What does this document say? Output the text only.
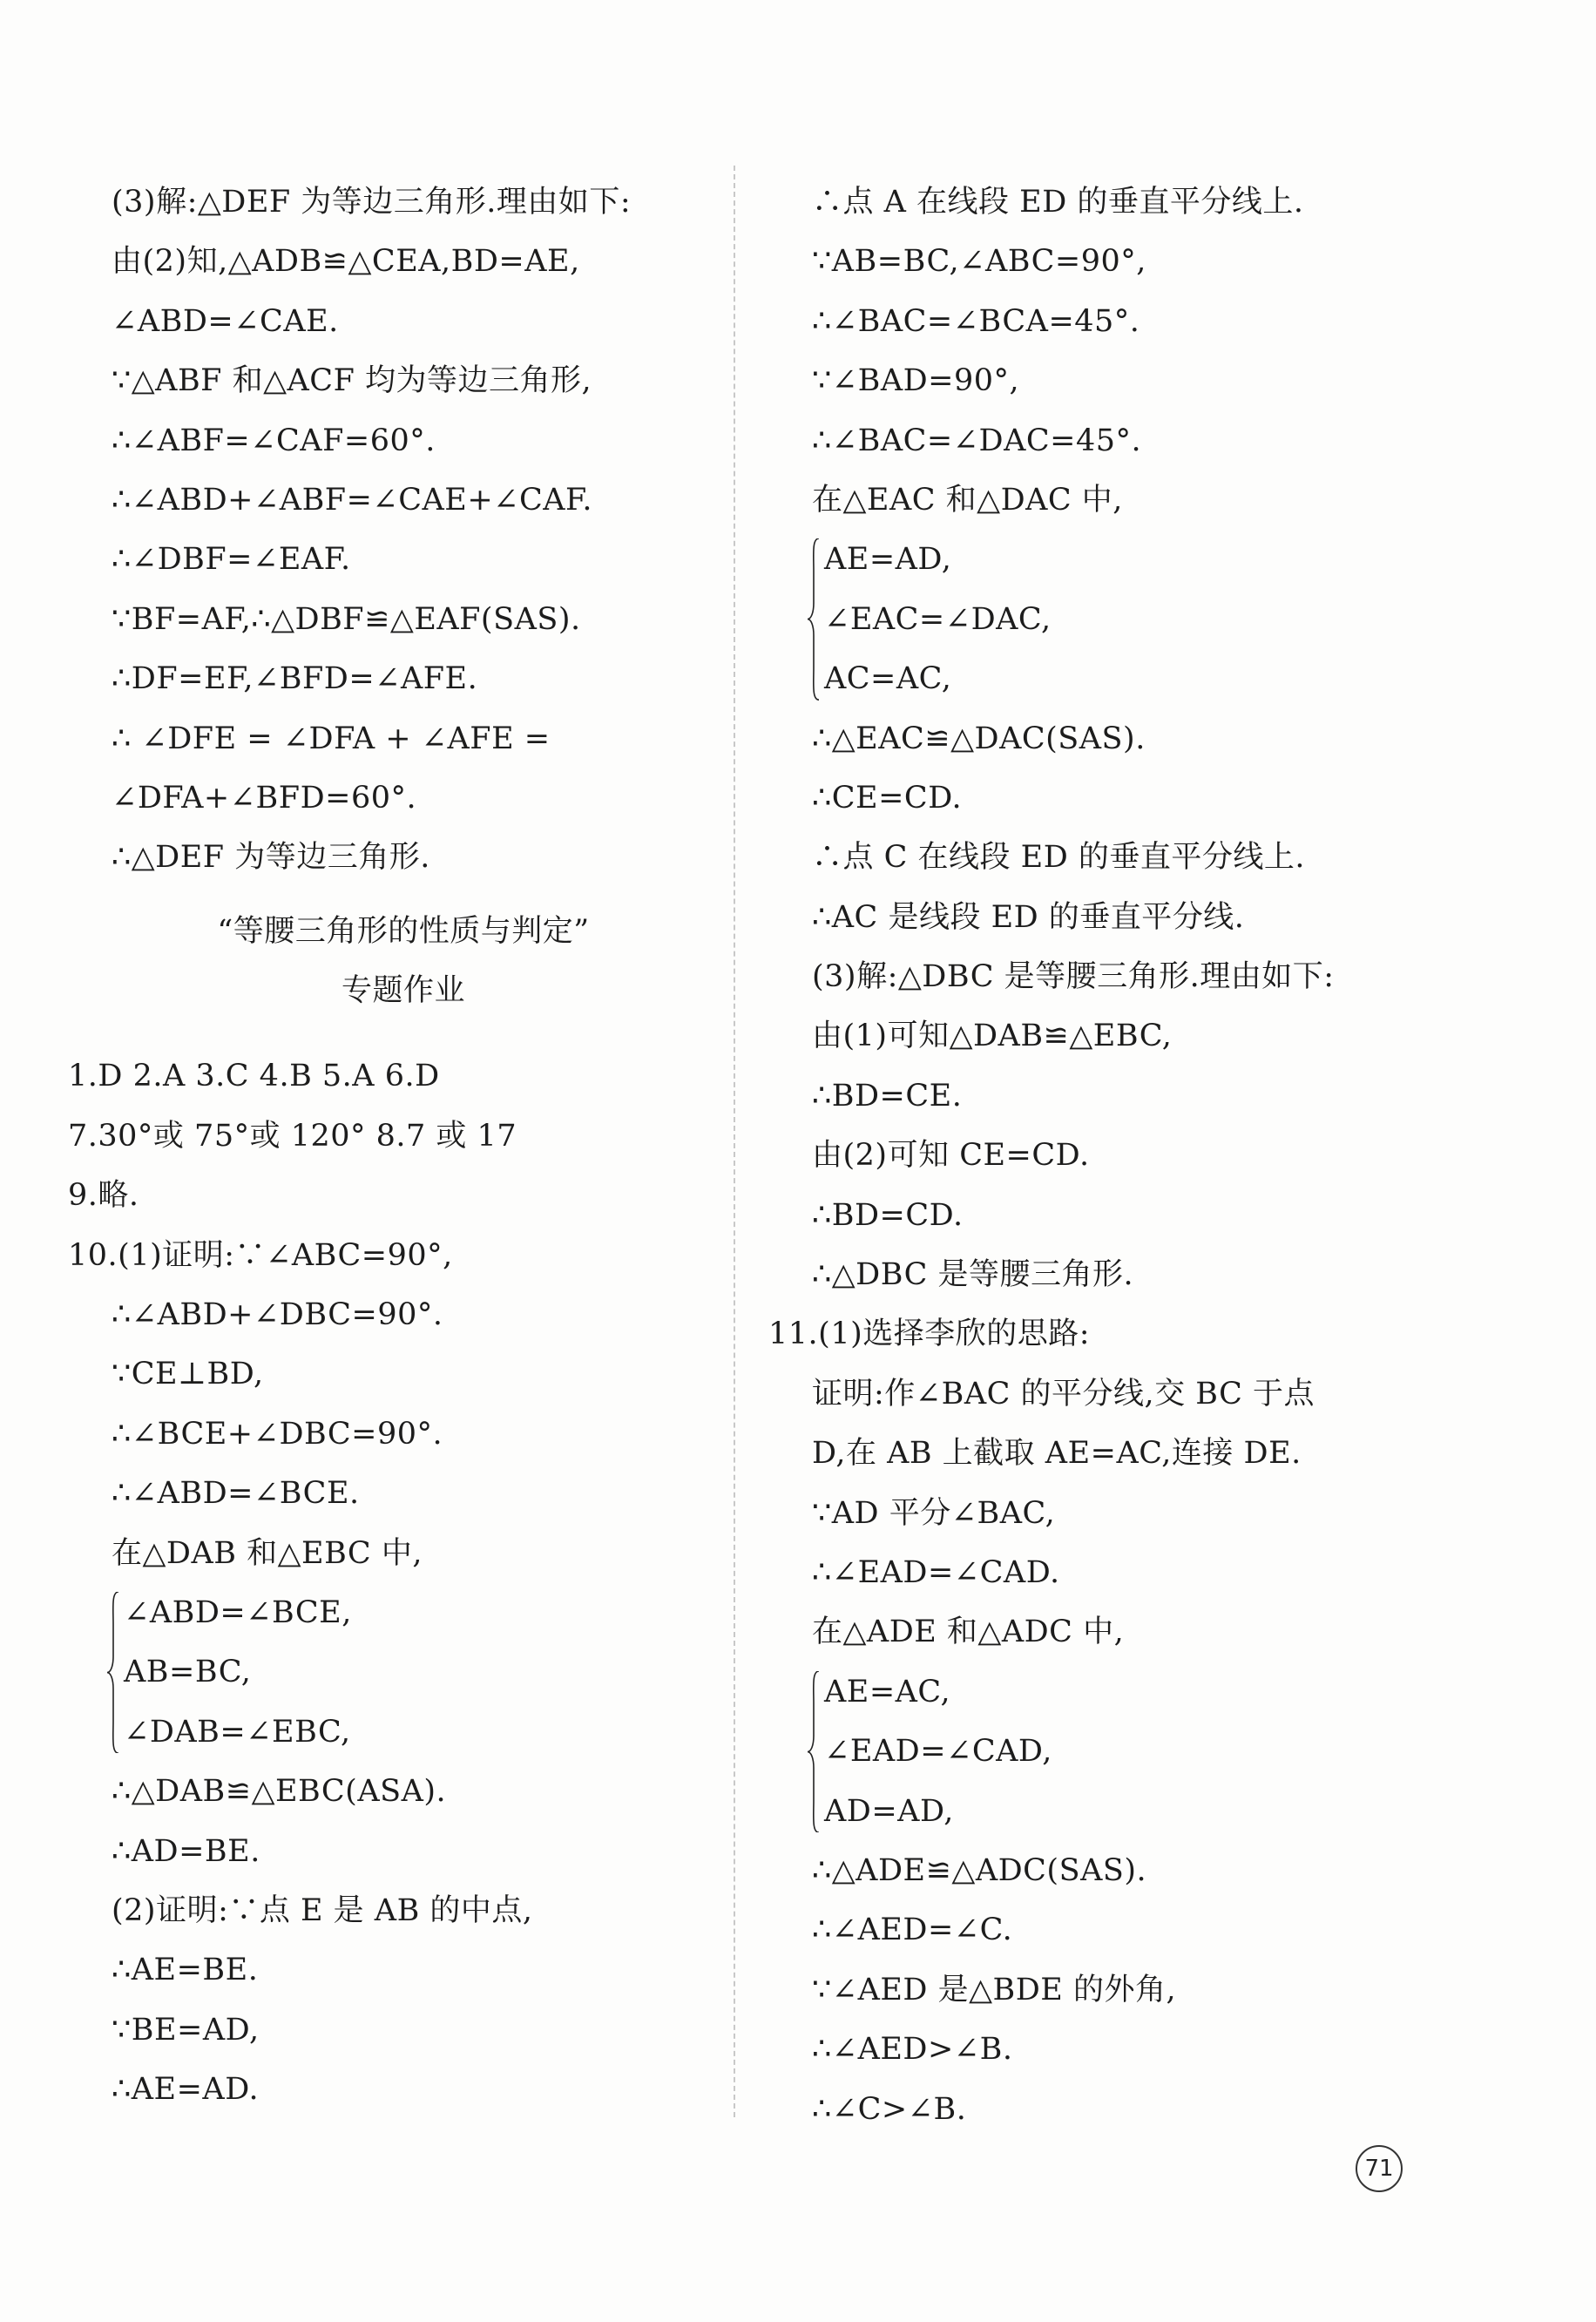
(3)解:△DEF 为等边三角形.理由如下:
由(2)知,△ADB≌△CEA,BD=AE,
∠ABD=∠CAE.
∵△ABF 和△ACF 均为等边三角形,
∴∠ABF=∠CAF=60°.
∴∠ABD+∠ABF=∠CAE+∠CAF.
∴∠DBF=∠EAF.
∵BF=AF,∴△DBF≌△EAF(SAS).
∴DF=EF,∠BFD=∠AFE.
∴ ∠DFE = ∠DFA + ∠AFE =
∠DFA+∠BFD=60°.
∴△DEF 为等边三角形.
“等腰三角形的性质与判定”
专题作业
1.D 2.A 3.C 4.B 5.A 6.D
7.30°或 75°或 120° 8.7 或 17
9.略.
10.(1)证明:∵∠ABC=90°,
∴∠ABD+∠DBC=90°.
∵CE⊥BD,
∴∠BCE+∠DBC=90°.
∴∠ABD=∠BCE.
在△DAB 和△EBC 中,
∠ABD=∠BCE,
AB=BC,
∠DAB=∠EBC,
∴△DAB≌△EBC(ASA).
∴AD=BE.
(2)证明:∵点 E 是 AB 的中点,
∴AE=BE.
∵BE=AD,
∴AE=AD.
∴点 A 在线段 ED 的垂直平分线上.
∵AB=BC,∠ABC=90°,
∴∠BAC=∠BCA=45°.
∵∠BAD=90°,
∴∠BAC=∠DAC=45°.
在△EAC 和△DAC 中,
AE=AD,
∠EAC=∠DAC,
AC=AC,
∴△EAC≌△DAC(SAS).
∴CE=CD.
∴点 C 在线段 ED 的垂直平分线上.
∴AC 是线段 ED 的垂直平分线.
(3)解:△DBC 是等腰三角形.理由如下:
由(1)可知△DAB≌△EBC,
∴BD=CE.
由(2)可知 CE=CD.
∴BD=CD.
∴△DBC 是等腰三角形.
11.(1)选择李欣的思路:
证明:作∠BAC 的平分线,交 BC 于点
D,在 AB 上截取 AE=AC,连接 DE.
∵AD 平分∠BAC,
∴∠EAD=∠CAD.
在△ADE 和△ADC 中,
AE=AC,
∠EAD=∠CAD,
AD=AD,
∴△ADE≌△ADC(SAS).
∴∠AED=∠C.
∵∠AED 是△BDE 的外角,
∴∠AED>∠B.
∴∠C>∠B.
71
